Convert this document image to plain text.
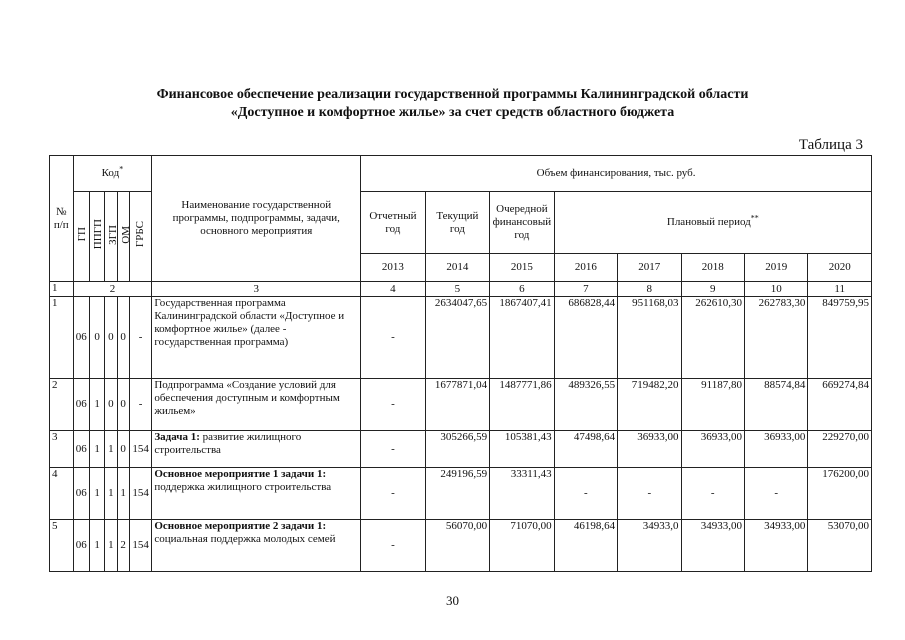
Финансовое обеспечение реализации государственной программы Калининградской области
«Доступное и комфортное жилье» за счет средств областного бюджета
Таблица 3
№ п/п	Код*					Наименование государственной программы, подпрограммы, задачи, основного мероприятия	Объем финансирования, тыс. руб.							
	ГП	ППГП	ЗГП	ОМ	ГРБС		Отчетный год	Текущий год	Очередной финансовый год	Плановый период**
							2013	2014	2015	2016	2017	2018	2019	2020
1	2					3	4	5	6	7	8	9	10	11
1	06	0	0	0	-	Государственная программа Калининградской области «Доступное и комфортное жилье» (далее - государственная программа)	-	2634047,65	1867407,41	686828,44	951168,03	262610,30	262783,30	849759,95
2	06	1	0	0	-	Подпрограмма «Создание условий для обеспечения доступным и комфортным жильем»	-	1677871,04	1487771,86	489326,55	719482,20	91187,80	88574,84	669274,84
3	06	1	1	0	154	Задача 1: развитие жилищного строительства	-	305266,59	105381,43	47498,64	36933,00	36933,00	36933,00	229270,00
4	06	1	1	1	154	Основное мероприятие 1 задачи 1: поддержка жилищного строительства	-	249196,59	33311,43	-	-	-	-	176200,00
5	06	1	1	2	154	Основное мероприятие 2 задачи 1: социальная поддержка молодых семей	-	56070,00	71070,00	46198,64	34933,0	34933,00	34933,00	53070,00
30
